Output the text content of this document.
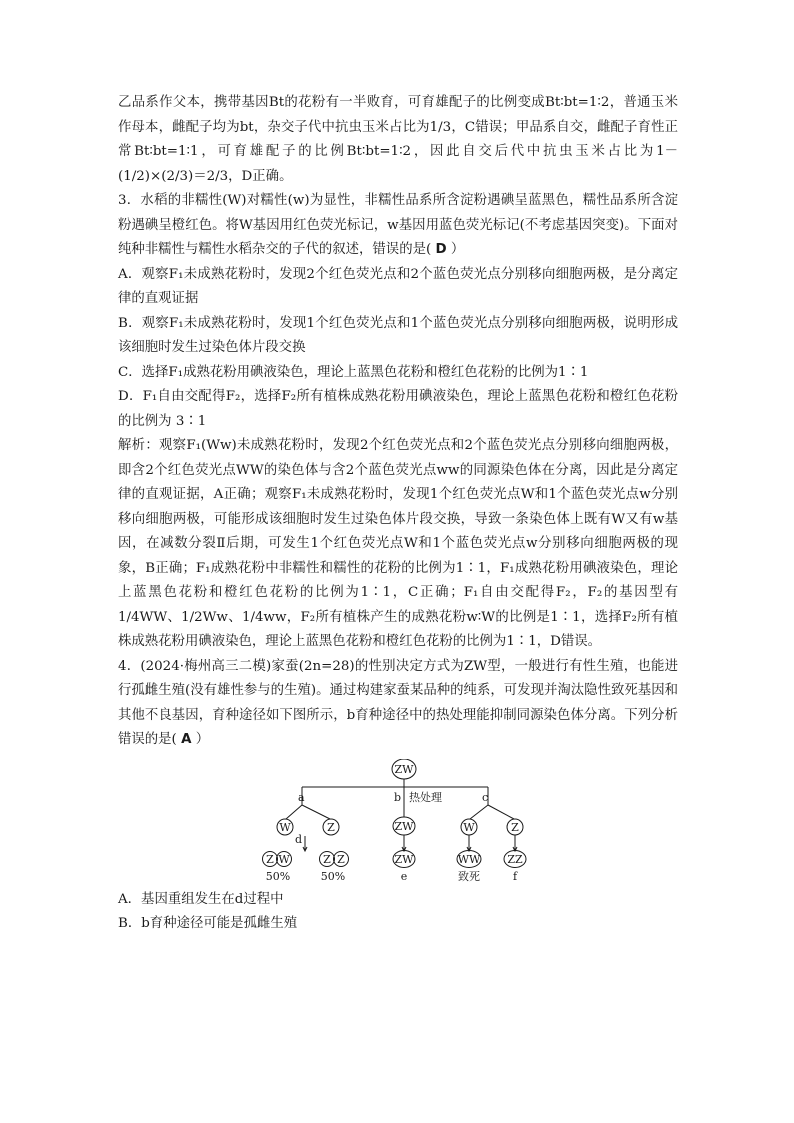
乙品系作父本，携带基因Bt的花粉有一半败育，可育雄配子的比例变成Bt∶bt=1∶2，普通玉米作母本，雌配子均为bt，杂交子代中抗虫玉米占比为1/3，C错误；甲品系自交，雌配子育性正常Bt∶bt=1∶1，可育雄配子的比例Bt∶bt=1∶2，因此自交后代中抗虫玉米占比为1－(1/2)×(2/3)＝2/3，D正确。

3．水稻的非糯性(W)对糯性(w)为显性，非糯性品系所含淀粉遇碘呈蓝黑色，糯性品系所含淀粉遇碘呈橙红色。将W基因用红色荧光标记，w基因用蓝色荧光标记(不考虑基因突变)。下面对纯种非糯性与糯性水稻杂交的子代的叙述，错误的是( D ）

A．观察F₁未成熟花粉时，发现2个红色荧光点和2个蓝色荧光点分别移向细胞两极，是分离定律的直观证据

B．观察F₁未成熟花粉时，发现1个红色荧光点和1个蓝色荧光点分别移向细胞两极，说明形成该细胞时发生过染色体片段交换

C．选择F₁成熟花粉用碘液染色，理论上蓝黑色花粉和橙红色花粉的比例为1∶1

D．F₁自由交配得F₂，选择F₂所有植株成熟花粉用碘液染色，理论上蓝黑色花粉和橙红色花粉的比例为 3∶1

解析：观察F₁(Ww)未成熟花粉时，发现2个红色荧光点和2个蓝色荧光点分别移向细胞两极，即含2个红色荧光点WW的染色体与含2个蓝色荧光点ww的同源染色体在分离，因此是分离定律的直观证据，A正确；观察F₁未成熟花粉时，发现1个红色荧光点W和1个蓝色荧光点w分别移向细胞两极，可能形成该细胞时发生过染色体片段交换，导致一条染色体上既有W又有w基因，在减数分裂Ⅱ后期，可发生1个红色荧光点W和1个蓝色荧光点w分别移向细胞两极的现象，B正确；F₁成熟花粉中非糯性和糯性的花粉的比例为1∶1，F₁成熟花粉用碘液染色，理论上蓝黑色花粉和橙红色花粉的比例为1∶1，C正确；F₁自由交配得F₂，F₂的基因型有1/4WW、1/2Ww、1/4ww，F₂所有植株产生的成熟花粉w∶W的比例是1∶1，选择F₂所有植株成熟花粉用碘液染色，理论上蓝黑色花粉和橙红色花粉的比例为1∶1，D错误。

4．(2024·梅州高三二模)家蚕(2n=28)的性别决定方式为ZW型，一般进行有性生殖，也能进行孤雌生殖(没有雄性参与的生殖)。通过构建家蚕某品种的纯系，可发现并淘汰隐性致死基因和其他不良基因，育种途径如下图所示，b育种途径中的热处理能抑制同源染色体分离。下列分析错误的是( A ）

ZW
a	b 热处理	c
W	Z
d
Z W	Z Z
50%	50%
ZW
ZW
e
W	Z
WW ZZ
致死	f

A．基因重组发生在d过程中

B．b育种途径可能是孤雌生殖
